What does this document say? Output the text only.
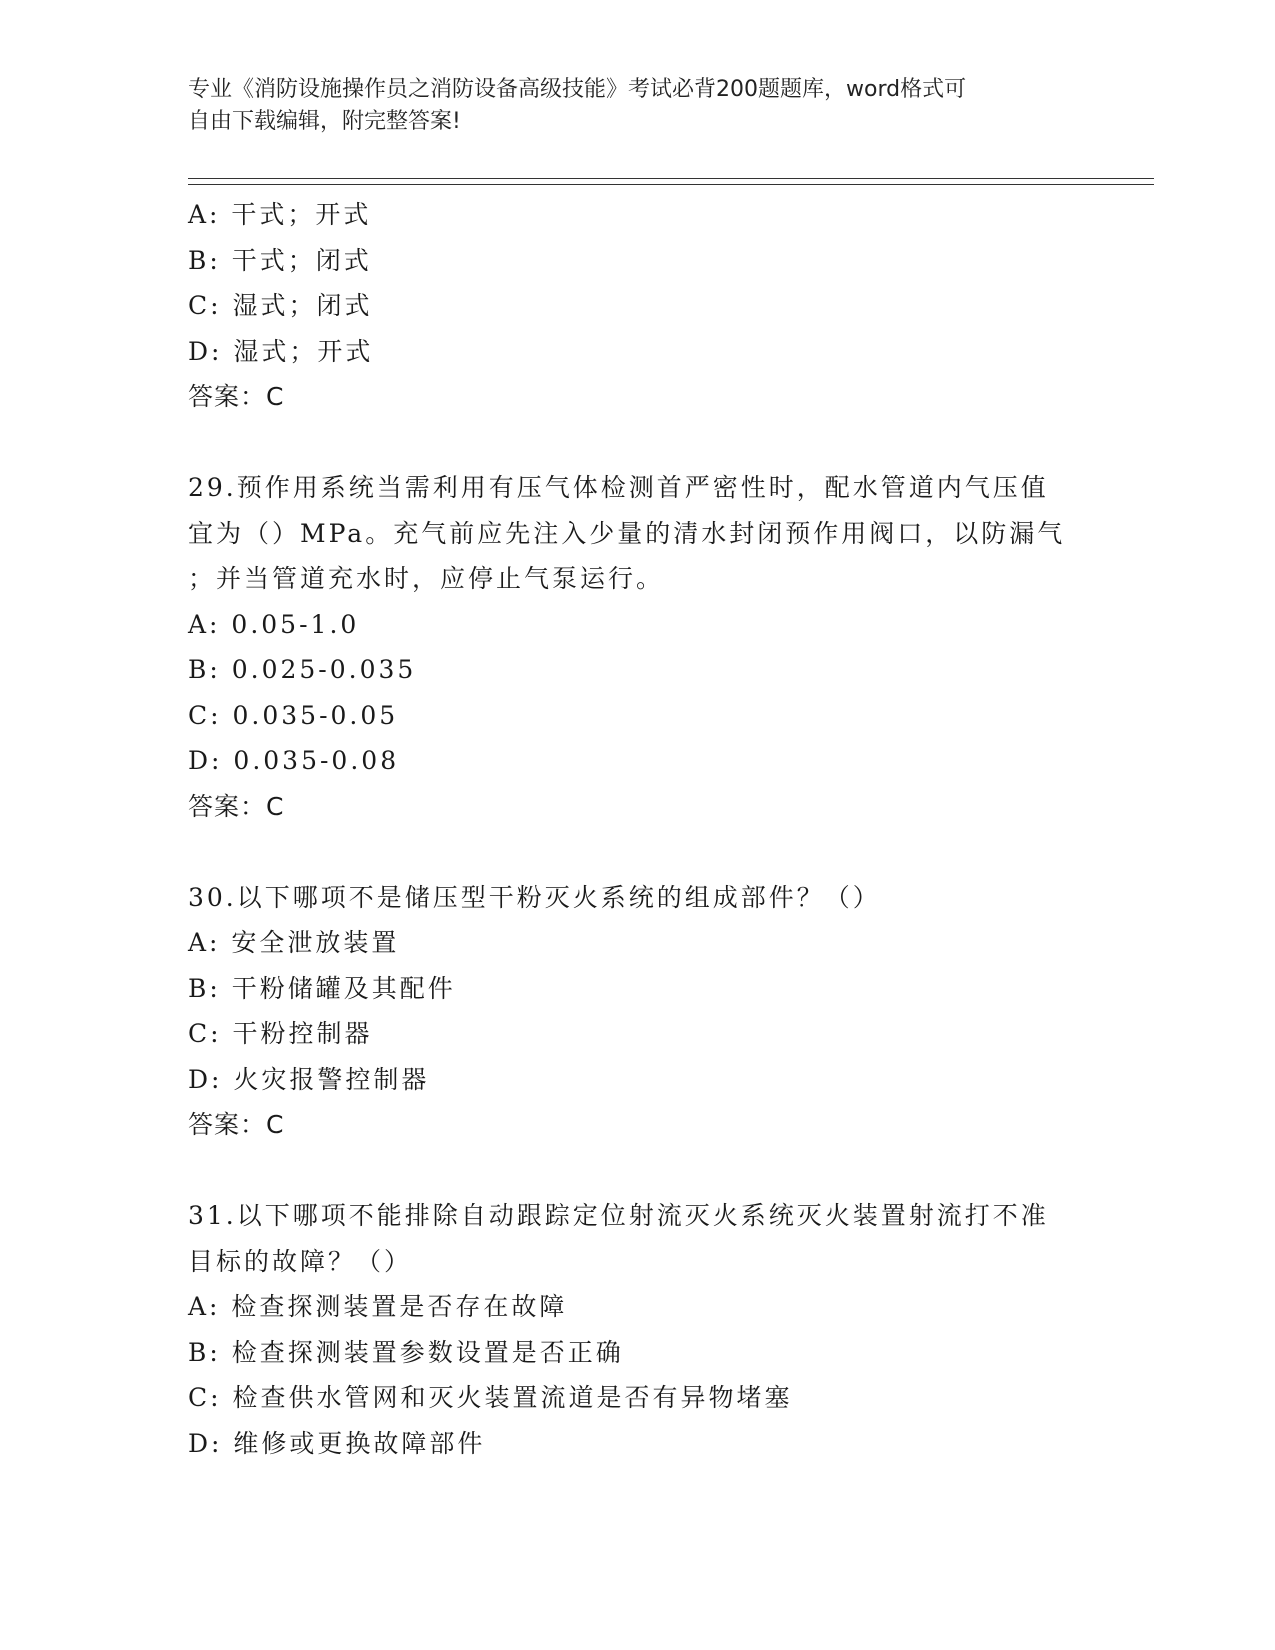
专业《消防设施操作员之消防设备高级技能》考试必背200题题库，word格式可
自由下载编辑，附完整答案!
A: 干式；开式
B: 干式；闭式
C: 湿式；闭式
D: 湿式；开式
答案：C
29.预作用系统当需利用有压气体检测首严密性时，配水管道内气压值
宜为（）MPa。充气前应先注入少量的清水封闭预作用阀口，以防漏气
；并当管道充水时，应停止气泵运行。
A: 0.05-1.0
B: 0.025-0.035
C: 0.035-0.05
D: 0.035-0.08
答案：C
30.以下哪项不是储压型干粉灭火系统的组成部件？（）
A: 安全泄放装置
B: 干粉储罐及其配件
C: 干粉控制器
D: 火灾报警控制器
答案：C
31.以下哪项不能排除自动跟踪定位射流灭火系统灭火装置射流打不准
目标的故障？（）
A: 检查探测装置是否存在故障
B: 检查探测装置参数设置是否正确
C: 检查供水管网和灭火装置流道是否有异物堵塞
D: 维修或更换故障部件
